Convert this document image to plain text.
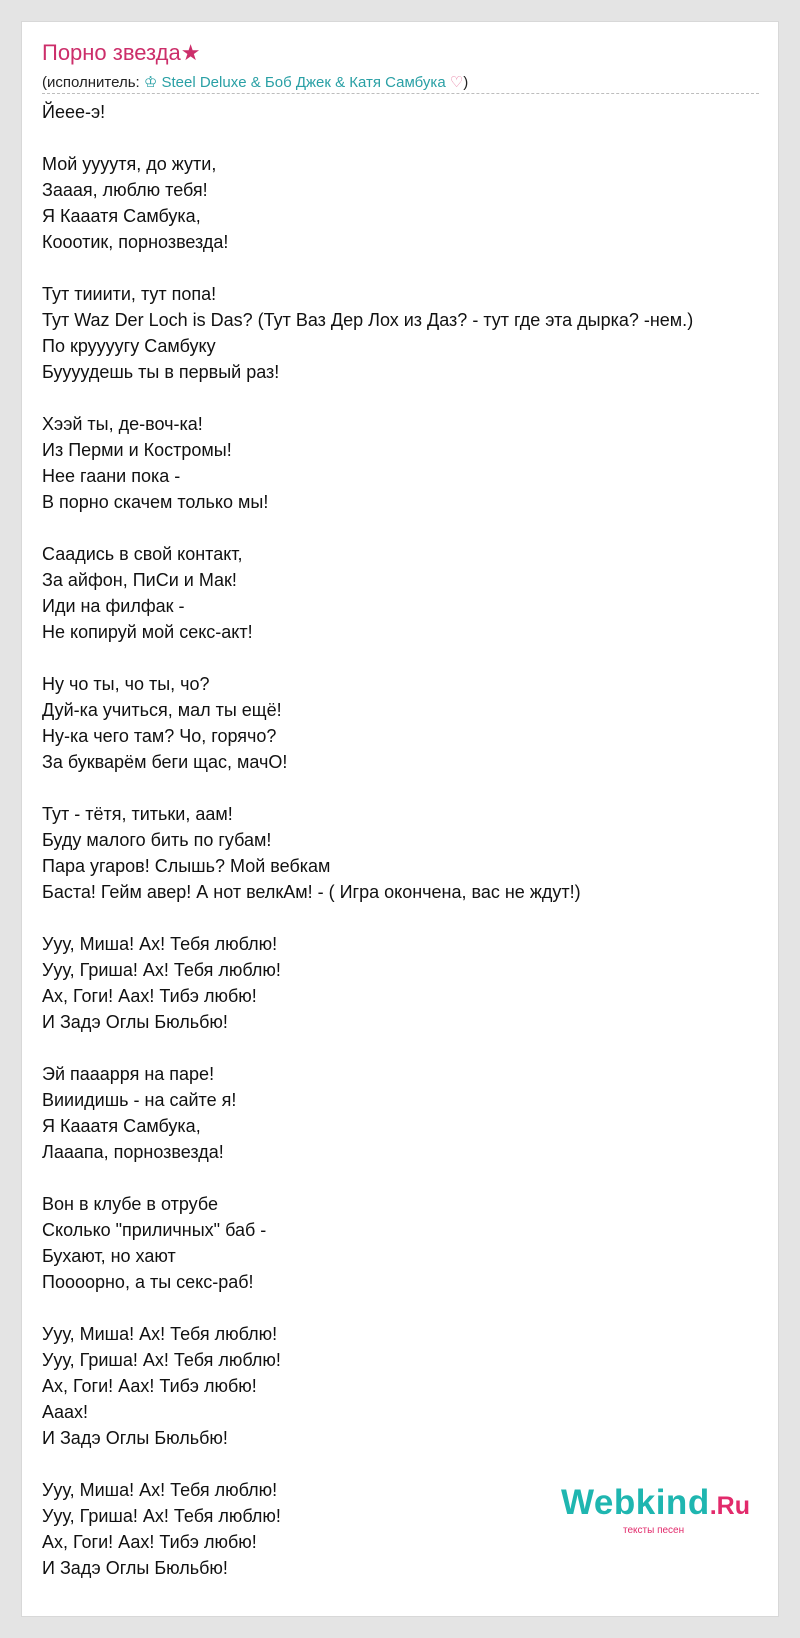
Порно звезда★
(исполнитель: ♔ Steel Deluxe & Боб Джек & Катя Самбука ♡)
Йеее-э!
Мой уууутя, до жути,
Зааая, люблю тебя!
Я Кааатя Самбука,
Кооотик, порнозвезда!
Тут тииити, тут попа!
Тут Waz Der Loch is Das? (Тут Ваз Дер Лох из Даз? - тут где эта дырка? -нем.)
По круууугу Самбуку
Буууудешь ты в первый раз!
Хээй ты, де-воч-ка!
Из Перми и Костромы!
Нее гаани пока -
В порно скачем только мы!
Саадись в свой контакт,
За айфон, ПиСи и Мак!
Иди на филфак -
Не копируй мой секс-акт!
Ну чо ты, чо ты, чо?
Дуй-ка учиться, мал ты ещё!
Ну-ка чего там? Чо, горячо?
За букварём беги щас, мачО!
Тут - тётя, титьки, аам!
Буду малого бить по губам!
Пара угаров! Слышь? Мой вебкам
Баста! Гейм авер! А нот велкАм! - ( Игра окончена, вас не ждут!)
Ууу, Миша! Ах! Тебя люблю!
Ууу, Гриша! Ах! Тебя люблю!
Ах, Гоги! Аах! Тибэ любю!
И Задэ Оглы Бюльбю!
Эй пааарря на паре!
Вииидишь - на сайте я!
Я Кааатя Самбука,
Лааапа, порнозвезда!
Вон в клубе в отрубе
Сколько "приличных" баб -
Бухают, но хают
Поооорно, а ты секс-раб!
Ууу, Миша! Ах! Тебя люблю!
Ууу, Гриша! Ах! Тебя люблю!
Ах, Гоги! Аах! Тибэ любю!
Аaах!
И Задэ Оглы Бюльбю!
Ууу, Миша! Ах! Тебя люблю!
Ууу, Гриша! Ах! Тебя люблю!
Ах, Гоги! Аах! Тибэ любю!
И Задэ Оглы Бюльбю!
Webkind.Ru
тексты песен
